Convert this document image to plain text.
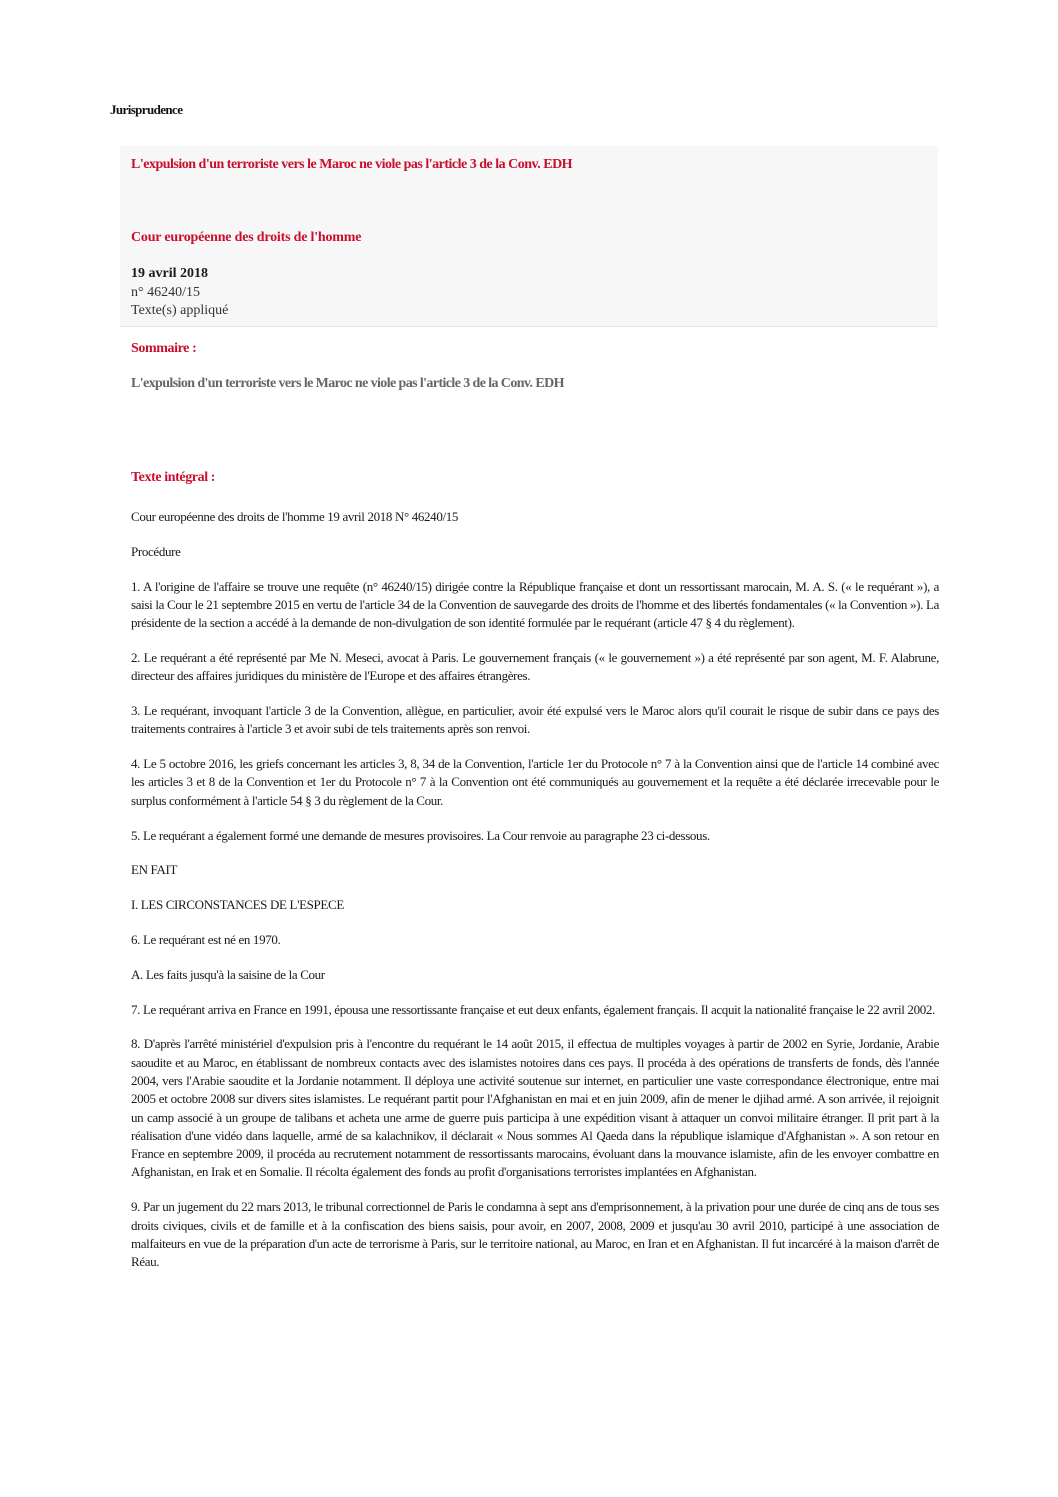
Jurisprudence
L'expulsion d'un terroriste vers le Maroc ne viole pas l'article 3 de la Conv. EDH
Cour européenne des droits de l'homme
19 avril 2018
n° 46240/15
Texte(s) appliqué
Sommaire :
L'expulsion d'un terroriste vers le Maroc ne viole pas l'article 3 de la Conv. EDH
Texte intégral :

Cour européenne des droits de l'homme 19 avril 2018 N° 46240/15

Procédure

1. A l'origine de l'affaire se trouve une requête (n° 46240/15) dirigée contre la République française et dont un ressortissant marocain, M. A. S. (« le requérant »), a saisi la Cour le 21 septembre 2015 en vertu de l'article 34 de la Convention de sauvegarde des droits de l'homme et des libertés fondamentales (« la Convention »). La présidente de la section a accédé à la demande de non-divulgation de son identité formulée par le requérant (article 47 § 4 du règlement).

2. Le requérant a été représenté par Me N. Meseci, avocat à Paris. Le gouvernement français (« le gouvernement ») a été représenté par son agent, M. F. Alabrune, directeur des affaires juridiques du ministère de l'Europe et des affaires étrangères.

3. Le requérant, invoquant l'article 3 de la Convention, allègue, en particulier, avoir été expulsé vers le Maroc alors qu'il courait le risque de subir dans ce pays des traitements contraires à l'article 3 et avoir subi de tels traitements après son renvoi.

4. Le 5 octobre 2016, les griefs concernant les articles 3, 8, 34 de la Convention, l'article 1er du Protocole n° 7 à la Convention ainsi que de l'article 14 combiné avec les articles 3 et 8 de la Convention et 1er du Protocole n° 7 à la Convention ont été communiqués au gouvernement et la requête a été déclarée irrecevable pour le surplus conformément à l'article 54 § 3 du règlement de la Cour.

5. Le requérant a également formé une demande de mesures provisoires. La Cour renvoie au paragraphe 23 ci-dessous.

EN FAIT

I. LES CIRCONSTANCES DE L'ESPECE

6. Le requérant est né en 1970.

A. Les faits jusqu'à la saisine de la Cour

7. Le requérant arriva en France en 1991, épousa une ressortissante française et eut deux enfants, également français. Il acquit la nationalité française le 22 avril 2002.

8. D'après l'arrêté ministériel d'expulsion pris à l'encontre du requérant le 14 août 2015, il effectua de multiples voyages à partir de 2002 en Syrie, Jordanie, Arabie saoudite et au Maroc, en établissant de nombreux contacts avec des islamistes notoires dans ces pays. Il procéda à des opérations de transferts de fonds, dès l'année 2004, vers l'Arabie saoudite et la Jordanie notamment. Il déploya une activité soutenue sur internet, en particulier une vaste correspondance électronique, entre mai 2005 et octobre 2008 sur divers sites islamistes. Le requérant partit pour l'Afghanistan en mai et en juin 2009, afin de mener le djihad armé. A son arrivée, il rejoignit un camp associé à un groupe de talibans et acheta une arme de guerre puis participa à une expédition visant à attaquer un convoi militaire étranger. Il prit part à la réalisation d'une vidéo dans laquelle, armé de sa kalachnikov, il déclarait « Nous sommes Al Qaeda dans la république islamique d'Afghanistan ». A son retour en France en septembre 2009, il procéda au recrutement notamment de ressortissants marocains, évoluant dans la mouvance islamiste, afin de les envoyer combattre en Afghanistan, en Irak et en Somalie. Il récolta également des fonds au profit d'organisations terroristes implantées en Afghanistan.

9. Par un jugement du 22 mars 2013, le tribunal correctionnel de Paris le condamna à sept ans d'emprisonnement, à la privation pour une durée de cinq ans de tous ses droits civiques, civils et de famille et à la confiscation des biens saisis, pour avoir, en 2007, 2008, 2009 et jusqu'au 30 avril 2010, participé à une association de malfaiteurs en vue de la préparation d'un acte de terrorisme à Paris, sur le territoire national, au Maroc, en Iran et en Afghanistan. Il fut incarcéré à la maison d'arrêt de Réau.
